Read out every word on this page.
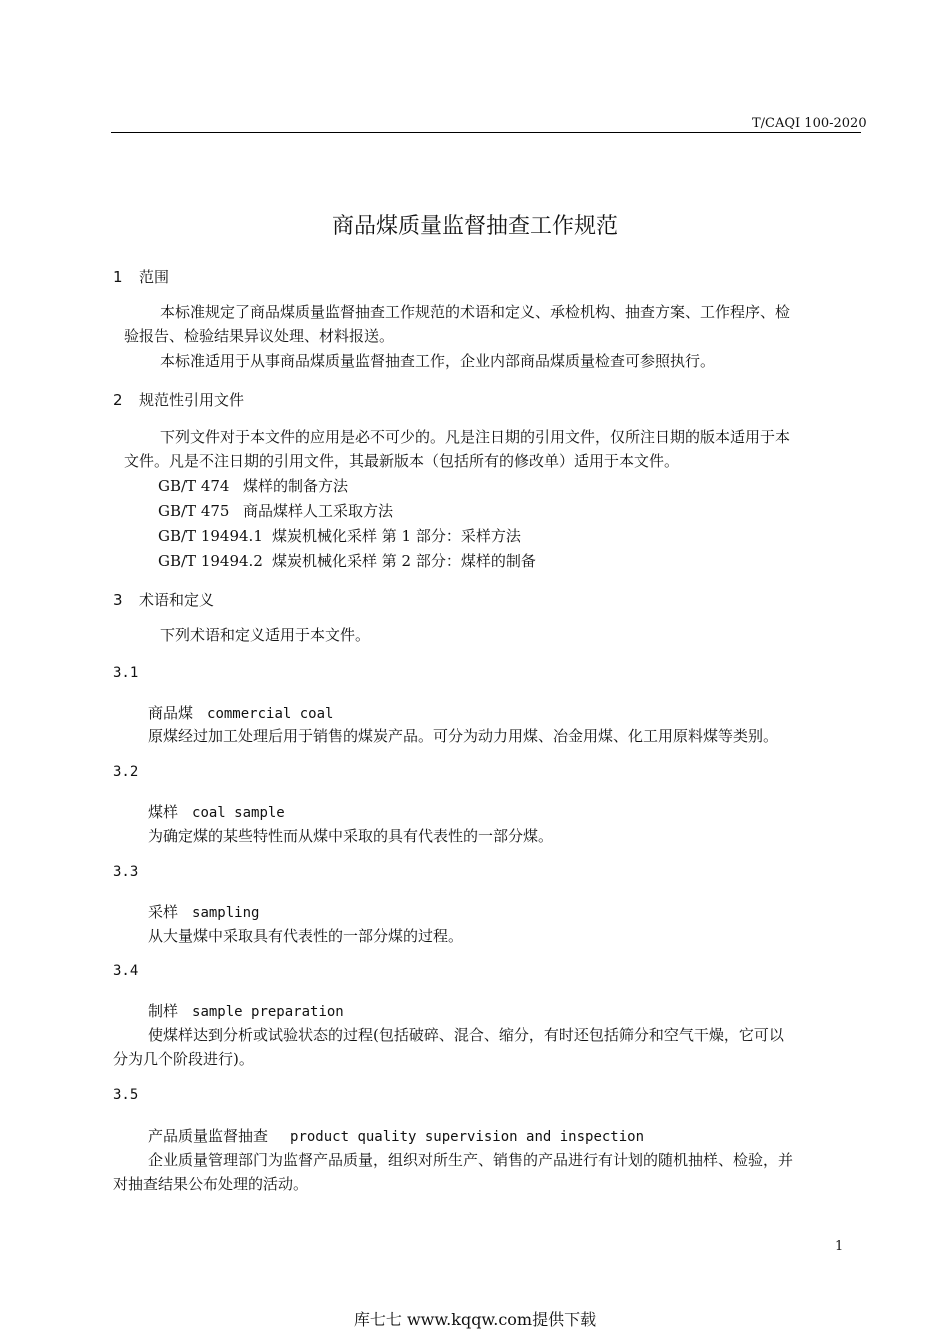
T/CAQI 100-2020
商品煤质量监督抽查工作规范
1 范围
本标准规定了商品煤质量监督抽查工作规范的术语和定义、承检机构、抽查方案、工作程序、检
验报告、检验结果异议处理、材料报送。
本标准适用于从事商品煤质量监督抽查工作，企业内部商品煤质量检查可参照执行。
2 规范性引用文件
下列文件对于本文件的应用是必不可少的。凡是注日期的引用文件，仅所注日期的版本适用于本
文件。凡是不注日期的引用文件，其最新版本（包括所有的修改单）适用于本文件。
GB/T 474 煤样的制备方法
GB/T 475 商品煤样人工采取方法
GB/T 19494.1 煤炭机械化采样 第 1 部分：采样方法
GB/T 19494.2 煤炭机械化采样 第 2 部分：煤样的制备
3 术语和定义
下列术语和定义适用于本文件。
3.1
商品煤 commercial coal
原煤经过加工处理后用于销售的煤炭产品。可分为动力用煤、冶金用煤、化工用原料煤等类别。
3.2
煤样 coal sample
为确定煤的某些特性而从煤中采取的具有代表性的一部分煤。
3.3
采样 sampling
从大量煤中采取具有代表性的一部分煤的过程。
3.4
制样 sample preparation
使煤样达到分析或试验状态的过程(包括破碎、混合、缩分，有时还包括筛分和空气干燥，它可以
分为几个阶段进行)。
3.5
产品质量监督抽查 product quality supervision and inspection
企业质量管理部门为监督产品质量，组织对所生产、销售的产品进行有计划的随机抽样、检验，并
对抽查结果公布处理的活动。
1
库七七 www.kqqw.com提供下载
